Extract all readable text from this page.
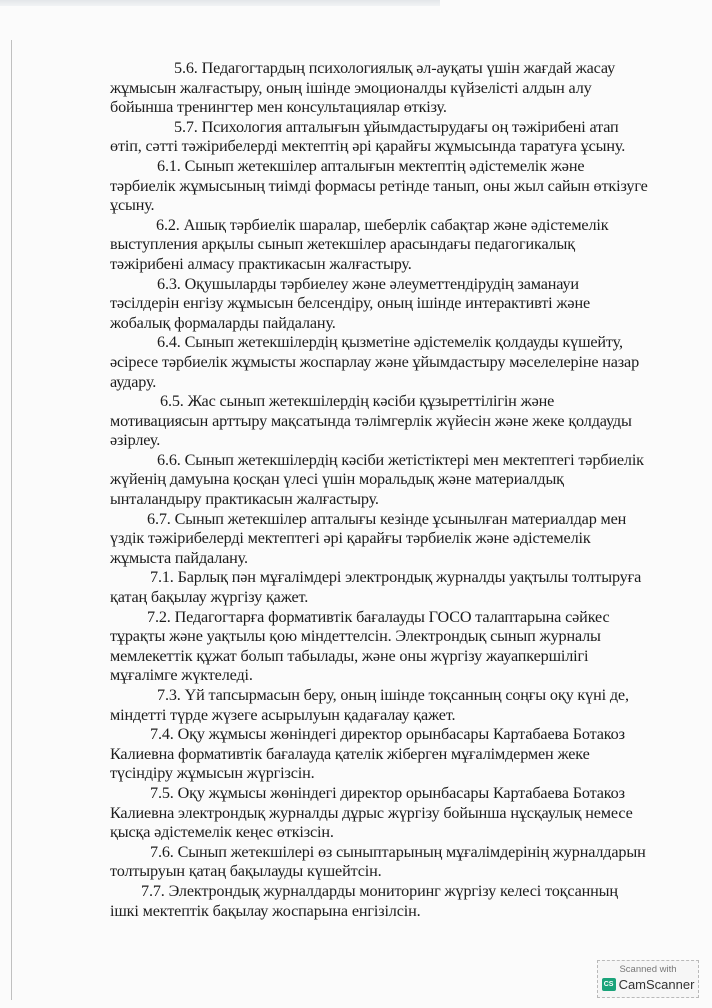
5.6. Педагогтардың психологиялық әл-ауқаты үшін жағдай жасау жұмысын жалғастыру, оның ішінде эмоционалды күйзелісті алдын алу бойынша тренингтер мен консультациялар өткізу.

5.7. Психология апталығын ұйымдастырудағы оң тәжірибені атап өтіп, сәтті тәжірибелерді мектептің әрі қарайғы жұмысында таратуға ұсыну.

6.1. Сынып жетекшілер апталығын мектептің әдістемелік және тәрбиелік жұмысының тиімді формасы ретінде танып, оны жыл сайын өткізуге ұсыну.

6.2. Ашық тәрбиелік шаралар, шеберлік сабақтар және әдістемелік выступления арқылы сынып жетекшілер арасындағы педагогикалық тәжірибені алмасу практикасын жалғастыру.

6.3. Оқушыларды тәрбиелеу және әлеуметтендірудің заманауи тәсілдерін енгізу жұмысын белсендіру, оның ішінде интерактивті және жобалық формаларды пайдалану.

6.4. Сынып жетекшілердің қызметіне әдістемелік қолдауды күшейту, әсіресе тәрбиелік жұмысты жоспарлау және ұйымдастыру мәселелеріне назар аудару.

6.5. Жас сынып жетекшілердің кәсіби құзыреттілігін және мотивациясын арттыру мақсатында тәлімгерлік жүйесін және жеке қолдауды әзірлеу.

6.6. Сынып жетекшілердің кәсіби жетістіктері мен мектептегі тәрбиелік жүйенің дамуына қосқан үлесі үшін моральдық және материалдық ынталандыру практикасын жалғастыру.

6.7. Сынып жетекшілер апталығы кезінде ұсынылған материалдар мен үздік тәжірибелерді мектептегі әрі қарайғы тәрбиелік және әдістемелік жұмыста пайдалану.

7.1. Барлық пән мұғалімдері электрондық журналды уақтылы толтыруға қатаң бақылау жүргізу қажет.

7.2. Педагогтарға формативтік бағалауды ГОСО талаптарына сәйкес тұрақты және уақтылы қою міндеттелсін. Электрондық сынып журналы мемлекеттік құжат болып табылады, және оны жүргізу жауапкершілігі мұғалімге жүктеледі.

7.3. Үй тапсырмасын беру, оның ішінде тоқсанның соңғы оқу күні де, міндетті түрде жүзеге асырылуын қадағалау қажет.

7.4. Оқу жұмысы жөніндегі директор орынбасары Картабаева Ботакоз Калиевна формативтік бағалауда қателік жіберген мұғалімдермен жеке түсіндіру жұмысын жүргізсін.

7.5. Оқу жұмысы жөніндегі директор орынбасары Картабаева Ботакоз Калиевна электрондық журналды дұрыс жүргізу бойынша нұсқаулық немесе қысқа әдістемелік кеңес өткізсін.

7.6. Сынып жетекшілері өз сыныптарының мұғалімдерінің журналдарын толтыруын қатаң бақылауды күшейтсін.

7.7. Электрондық журналдарды мониторинг жүргізу келесі тоқсанның ішкі мектептік бақылау жоспарына енгізілсін.

Scanned with
CS CamScanner
